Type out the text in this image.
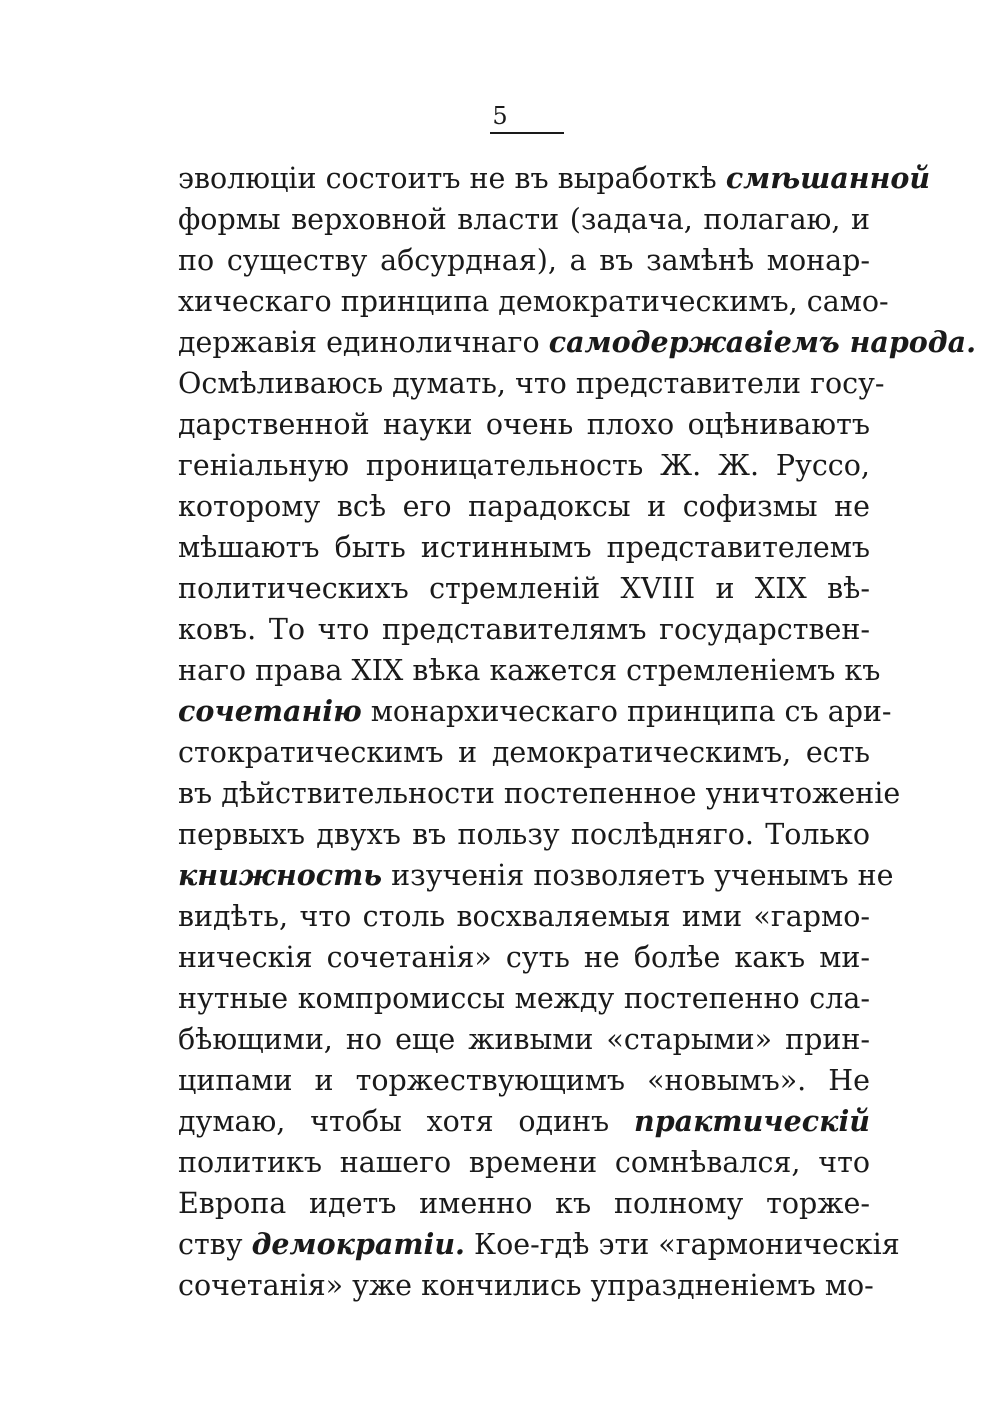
5
эволюціи состоитъ не въ выработкѣ смѣшанной
формы верховной власти (задача, полагаю, и
по существу абсурдная), а въ замѣнѣ монар-
хическаго принципа демократическимъ, само-
державія единоличнаго самодержавіемъ народа.
Осмѣливаюсь думать, что представители госу-
дарственной науки очень плохо оцѣниваютъ
геніальную проницательность Ж. Ж. Руссо,
которому всѣ его парадоксы и софизмы не
мѣшаютъ быть истиннымъ представителемъ
политическихъ стремленій XVIII и XIX вѣ-
ковъ. То что представителямъ государствен-
наго права XIX вѣка кажется стремленіемъ къ
сочетанію монархическаго принципа съ ари-
стократическимъ и демократическимъ, есть
въ дѣйствительности постепенное уничтоженіе
первыхъ двухъ въ пользу послѣдняго. Только
книжность изученія позволяетъ ученымъ не
видѣть, что столь восхваляемыя ими «гармо-
ническія сочетанія» суть не болѣе какъ ми-
нутные компромиссы между постепенно сла-
бѣющими, но еще живыми «старыми» прин-
ципами и торжествующимъ «новымъ». Не
думаю, чтобы хотя одинъ практическій
политикъ нашего времени сомнѣвался, что
Европа идетъ именно къ полному торже-
ству демократіи. Кое-гдѣ эти «гармоническія
сочетанія» уже кончились упраздненіемъ мо-
